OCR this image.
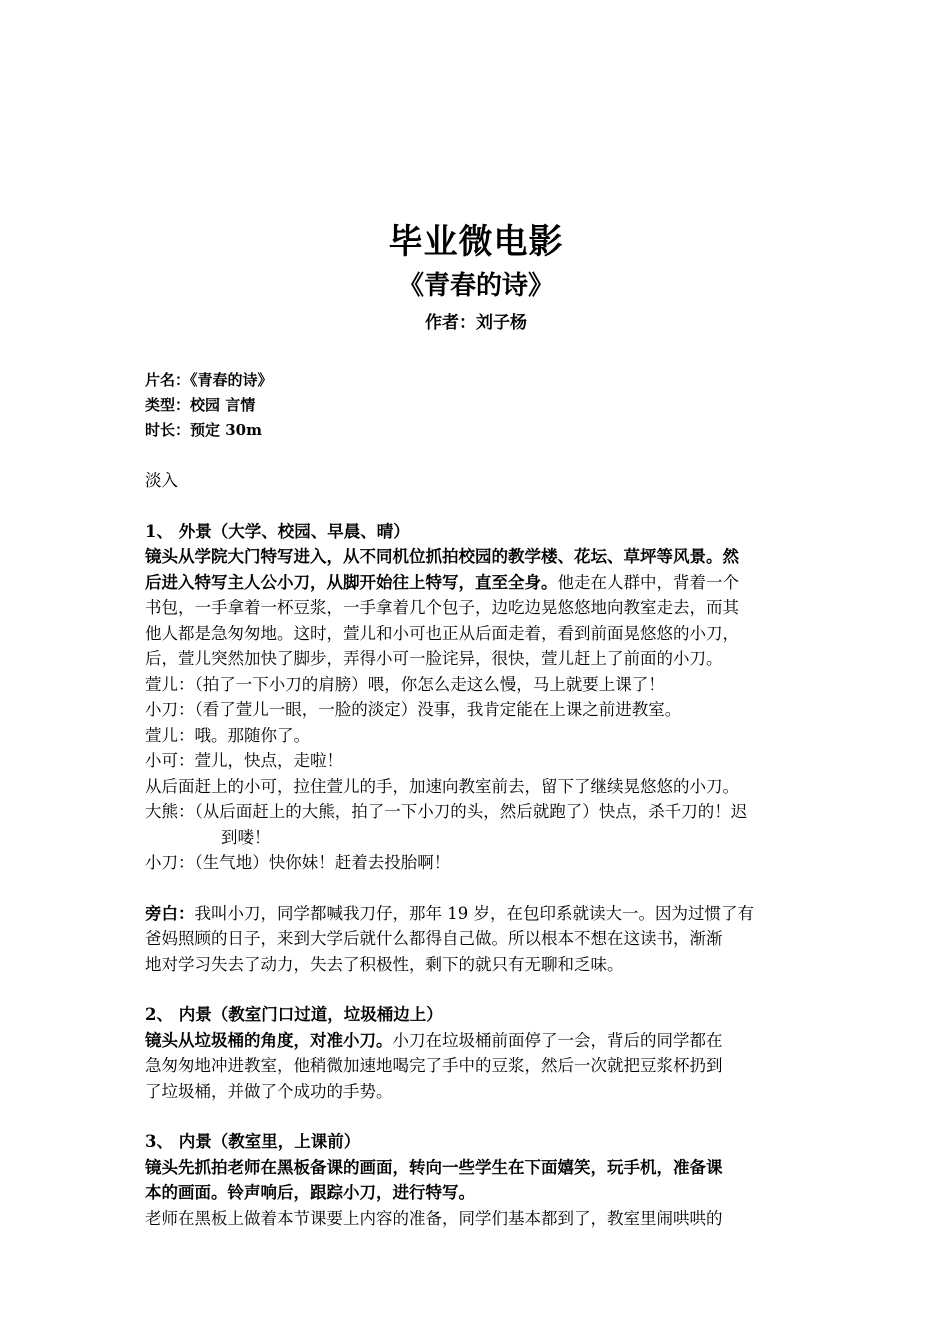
毕业微电影
《青春的诗》
作者：刘子杨
片名：《青春的诗》
类型：校园 言情
时长：预定 30m

淡入

1、 外景（大学、校园、早晨、晴）

镜头从学院大门特写进入，从不同机位抓拍校园的教学楼、花坛、草坪等风景。然

后进入特写主人公小刀，从脚开始往上特写，直至全身。他走在人群中，背着一个

书包，一手拿着一杯豆浆，一手拿着几个包子，边吃边晃悠悠地向教室走去，而其

他人都是急匆匆地。这时，萱儿和小可也正从后面走着，看到前面晃悠悠的小刀，

后，萱儿突然加快了脚步，弄得小可一脸诧异，很快，萱儿赶上了前面的小刀。

萱儿：（拍了一下小刀的肩膀）喂，你怎么走这么慢，马上就要上课了！

小刀：（看了萱儿一眼，一脸的淡定）没事，我肯定能在上课之前进教室。

萱儿：哦。那随你了。

小可：萱儿，快点，走啦！

从后面赶上的小可，拉住萱儿的手，加速向教室前去，留下了继续晃悠悠的小刀。

大熊：（从后面赶上的大熊，拍了一下小刀的头，然后就跑了）快点，杀千刀的！迟

到喽！

小刀：（生气地）快你妹！赶着去投胎啊！

旁白：我叫小刀，同学都喊我刀仔，那年 19 岁，在包印系就读大一。因为过惯了有

爸妈照顾的日子，来到大学后就什么都得自己做。所以根本不想在这读书，渐渐

地对学习失去了动力，失去了积极性，剩下的就只有无聊和乏味。

2、 内景（教室门口过道，垃圾桶边上）

镜头从垃圾桶的角度，对准小刀。小刀在垃圾桶前面停了一会，背后的同学都在

急匆匆地冲进教室，他稍微加速地喝完了手中的豆浆，然后一次就把豆浆杯扔到

了垃圾桶，并做了个成功的手势。

3、 内景（教室里，上课前）

镜头先抓拍老师在黑板备课的画面，转向一些学生在下面嬉笑，玩手机，准备课

本的画面。铃声响后，跟踪小刀，进行特写。

老师在黑板上做着本节课要上内容的准备，同学们基本都到了，教室里闹哄哄的
